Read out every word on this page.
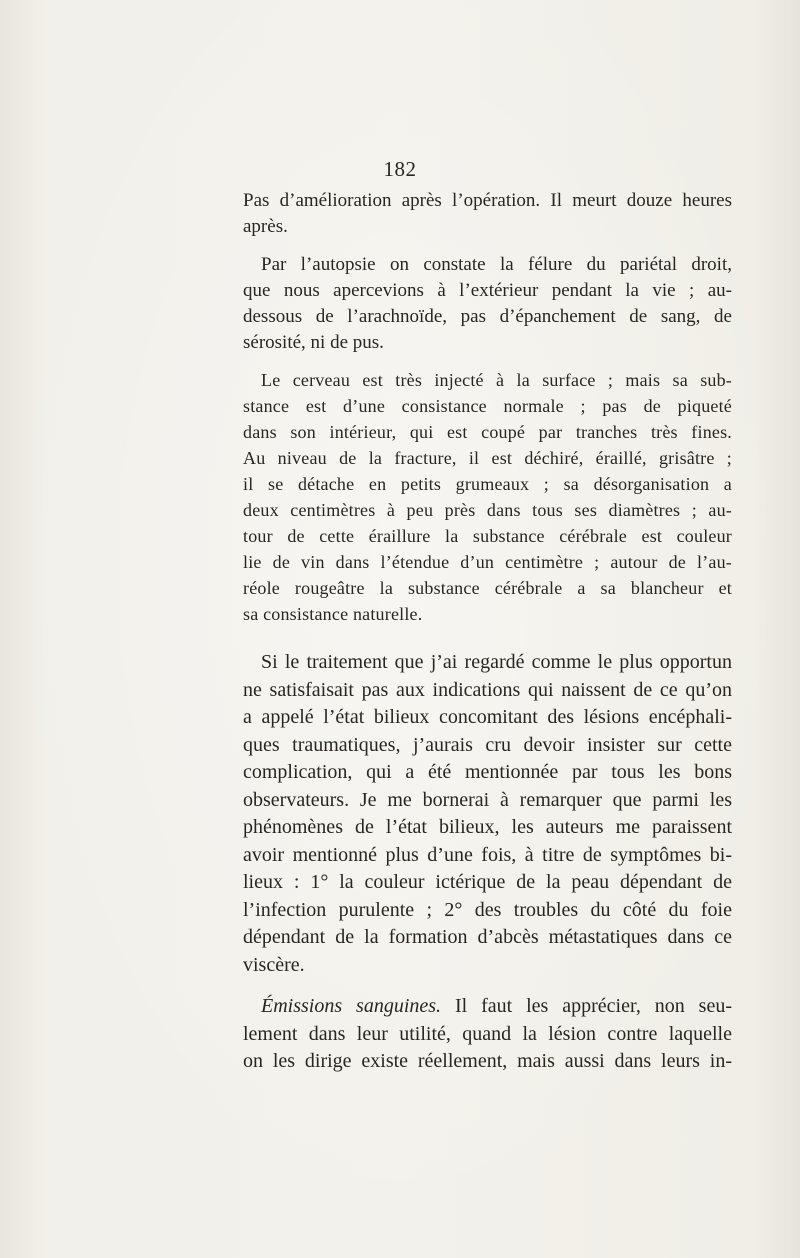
182
Pas d’amélioration après l’opération. Il meurt douze heures
après.
Par l’autopsie on constate la félure du pariétal droit,
que nous apercevions à l’extérieur pendant la vie ; au-
dessous de l’arachnoïde, pas d’épanchement de sang, de
sérosité, ni de pus.
Le cerveau est très injecté à la surface ; mais sa sub-
stance est d’une consistance normale ; pas de piqueté
dans son intérieur, qui est coupé par tranches très fines.
Au niveau de la fracture, il est déchiré, éraillé, grisâtre ;
il se détache en petits grumeaux ; sa désorganisation a
deux centimètres à peu près dans tous ses diamètres ; au-
tour de cette éraillure la substance cérébrale est couleur
lie de vin dans l’étendue d’un centimètre ; autour de l’au-
réole rougeâtre la substance cérébrale a sa blancheur et
sa consistance naturelle.
Si le traitement que j’ai regardé comme le plus opportun
ne satisfaisait pas aux indications qui naissent de ce qu’on
a appelé l’état bilieux concomitant des lésions encéphali-
ques traumatiques, j’aurais cru devoir insister sur cette
complication, qui a été mentionnée par tous les bons
observateurs. Je me bornerai à remarquer que parmi les
phénomènes de l’état bilieux, les auteurs me paraissent
avoir mentionné plus d’une fois, à titre de symptômes bi-
lieux : 1° la couleur ictérique de la peau dépendant de
l’infection purulente ; 2° des troubles du côté du foie
dépendant de la formation d’abcès métastatiques dans ce
viscère.
Émissions sanguines. Il faut les apprécier, non seu-
lement dans leur utilité, quand la lésion contre laquelle
on les dirige existe réellement, mais aussi dans leurs in-
